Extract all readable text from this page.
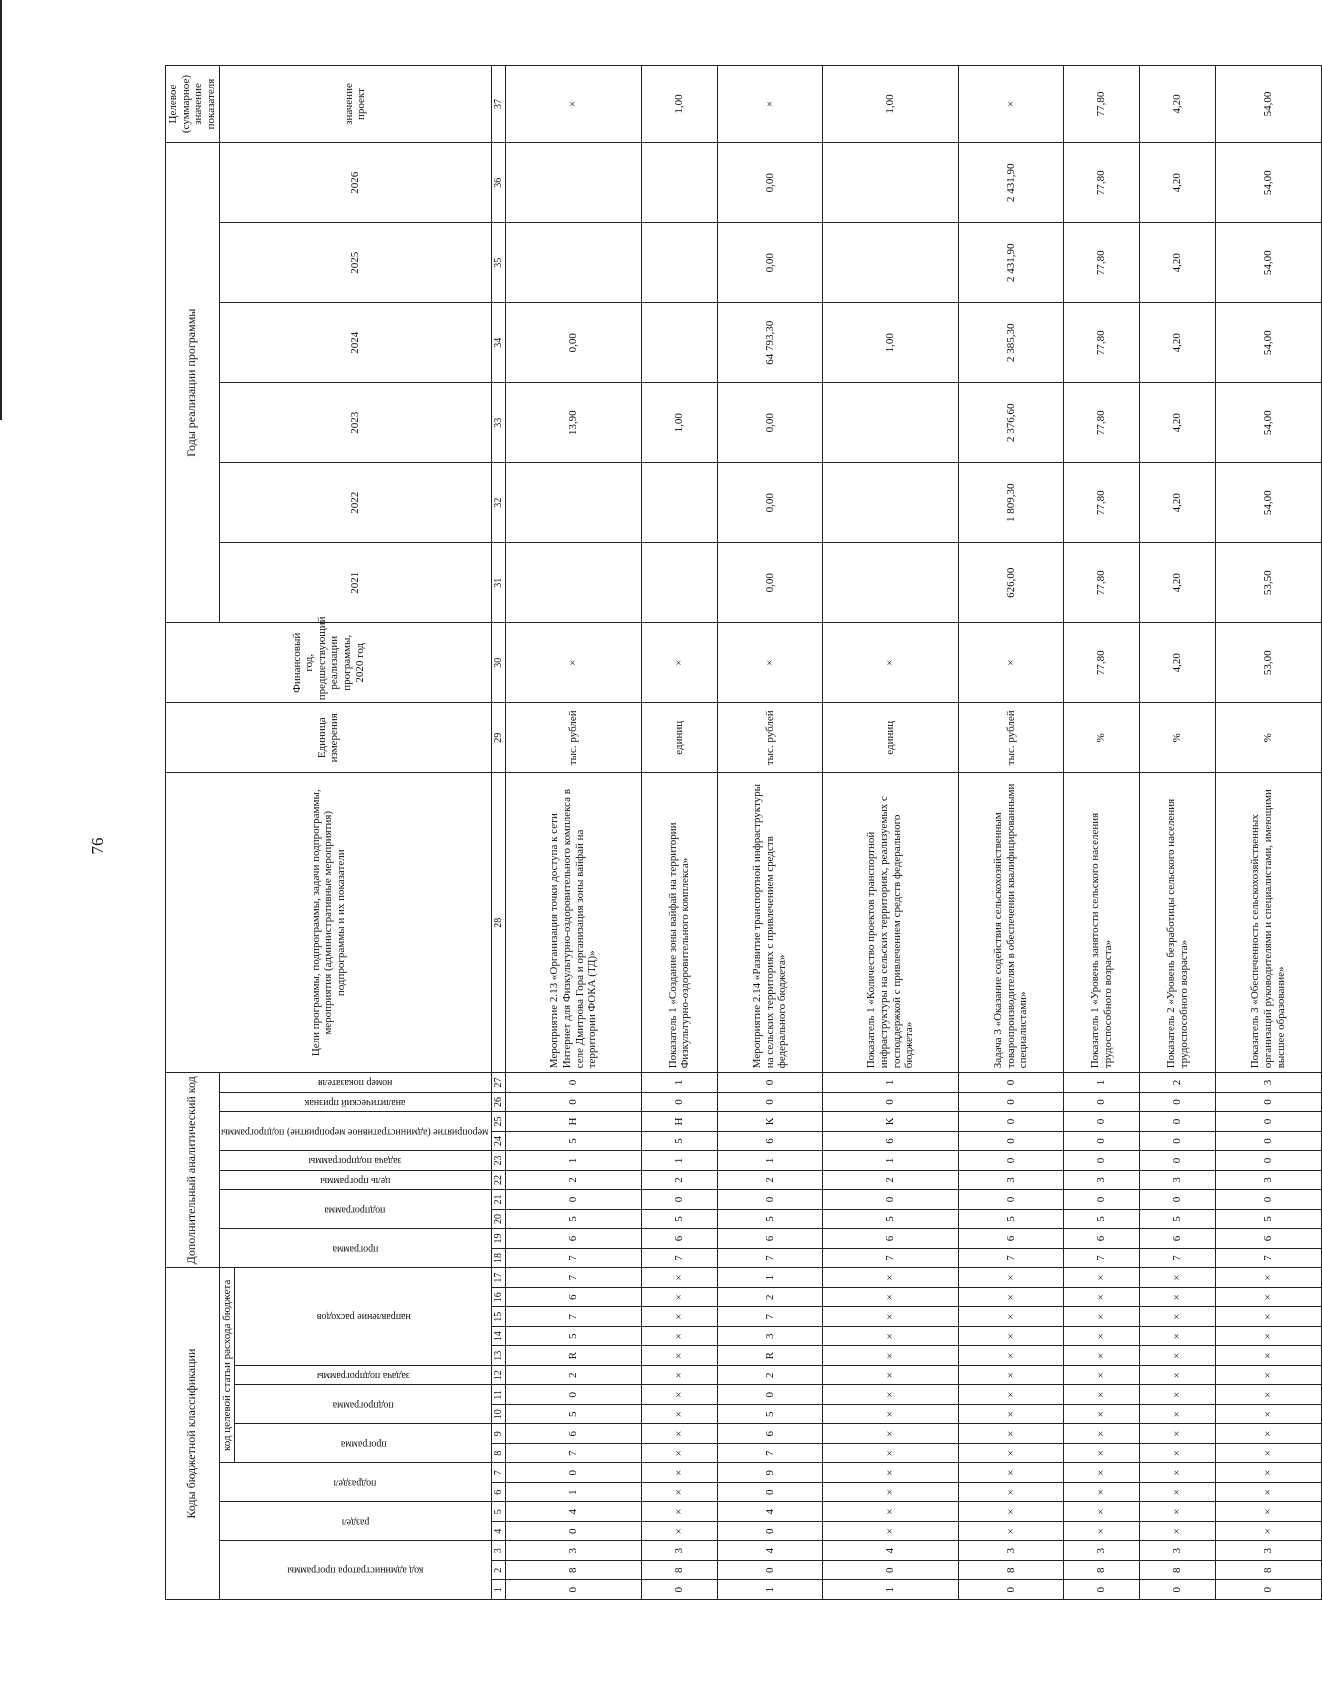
76
Коды бюджетной классификации																	Дополнительный аналитический код										Цели программы, подпрограммы, задачи подпрограммы, мероприятия (административные мероприятия) подпрограммы и их показатели	Единица измерения	Финансовый год, предшествующий реализации программы, 2020 год	Годы реализации программы						Целевое (суммарное) значение показателя
код администратора программы			раздел		подраздел		код целевой статьи расхода бюджета										программа		подпрограмма		цель программы	задача подпрограммы	мероприятие (административное мероприятие) подпрограммы		аналитический признак	номер показателя				2021	2022	2023	2024	2025	2026	значение проект
							программа		подпрограмма		задача подпрограммы	направление расходов																								

1	2	3	4	5	6	7	8	9	10	11	12	13	14	15	16	17	18	19	20	21	22	23	24	25	26	27	28	29	30	31	32	33	34	35	36	37
0	8	3	0	4	1	0	7	6	5	0	2	R	5	7	6	7	7	6	5	0	2	1	5	Н	0	0	Мероприятие 2.13 «Организация точки доступа к сети Интернет для Физкультурно-оздоровительного комплекса в селе Дмитрова Гора и организация зоны вайфай на территории ФОКА (ТД)»	тыс. рублей	×			13,90	0,00			×
0	8	3	×	×	×	×	×	×	×	×	×	×	×	×	×	×	7	6	5	0	2	1	5	Н	0	1	Показатель 1 «Создание зоны вайфай на территории Физкультурно-оздоровительного комплекса»	единиц	×			1,00				1,00
1	0	4	0	4	0	9	7	6	5	0	2	R	3	7	2	1	7	6	5	0	2	1	6	К	0	0	Мероприятие 2.14 «Развитие транспортной инфраструктуры на сельских территориях с привлечением средств федерального бюджета»	тыс. рублей	×	0,00	0,00	0,00	64 793,30	0,00	0,00	×
1	0	4	×	×	×	×	×	×	×	×	×	×	×	×	×	×	7	6	5	0	2	1	6	К	0	1	Показатель 1 «Количество проектов транспортной инфраструктуры на сельских территориях, реализуемых с господдержкой с привлечением средств федерального бюджета»	единиц	×				1,00			1,00
0	8	3	×	×	×	×	×	×	×	×	×	×	×	×	×	×	7	6	5	0	3	0	0	0	0	0	Задача 3 «Оказание содействия сельскохозяйственным товаропроизводителям в обеспечении квалифицированными специалистами»	тыс. рублей	×	626,00	1 809,30	2 376,60	2 385,30	2 431,90	2 431,90	×
0	8	3	×	×	×	×	×	×	×	×	×	×	×	×	×	×	7	6	5	0	3	0	0	0	0	1	Показатель 1 «Уровень занятости сельского населения трудоспособного возраста»	%	77,80	77,80	77,80	77,80	77,80	77,80	77,80	77,80
0	8	3	×	×	×	×	×	×	×	×	×	×	×	×	×	×	7	6	5	0	3	0	0	0	0	2	Показатель 2 «Уровень безработицы сельского населения трудоспособного возраста»	%	4,20	4,20	4,20	4,20	4,20	4,20	4,20	4,20
0	8	3	×	×	×	×	×	×	×	×	×	×	×	×	×	×	7	6	5	0	3	0	0	0	0	3	Показатель 3 «Обеспеченность сельскохозяйственных организаций руководителями и специалистами, имеющими высшее образование»	%	53,00	53,50	54,00	54,00	54,00	54,00	54,00	54,00
